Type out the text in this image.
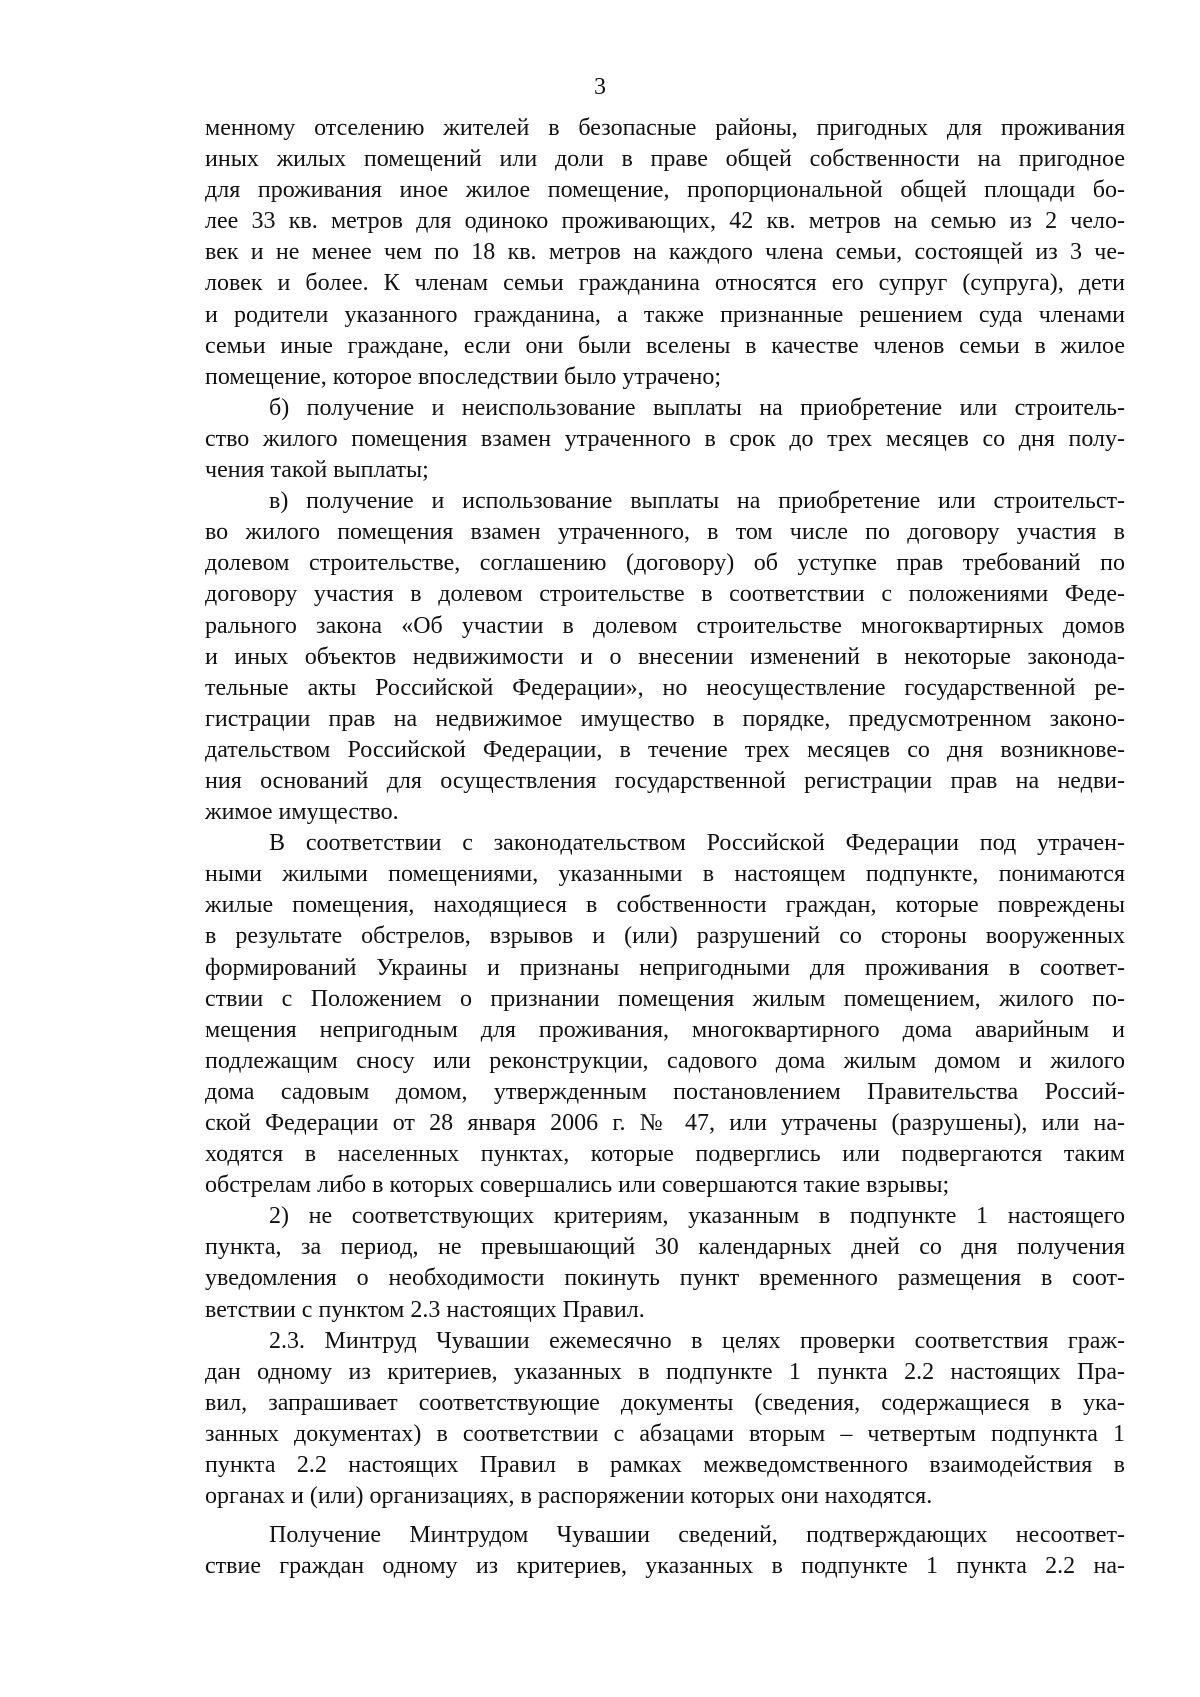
3
менному отселению жителей в безопасные районы, пригодных для проживания
иных жилых помещений или доли в праве общей собственности на пригодное
для проживания иное жилое помещение, пропорциональной общей площади бо-
лее 33 кв. метров для одиноко проживающих, 42 кв. метров на семью из 2 чело-
век и не менее чем по 18 кв. метров на каждого члена семьи, состоящей из 3 че-
ловек и более. К членам семьи гражданина относятся его супруг (супруга), дети
и родители указанного гражданина, а также признанные решением суда членами
семьи иные граждане, если они были вселены в качестве членов семьи в жилое
помещение, которое впоследствии было утрачено;
б) получение и неиспользование выплаты на приобретение или строитель-
ство жилого помещения взамен утраченного в срок до трех месяцев со дня полу-
чения такой выплаты;
в) получение и использование выплаты на приобретение или строительст-
во жилого помещения взамен утраченного, в том числе по договору участия в
долевом строительстве, соглашению (договору) об уступке прав требований по
договору участия в долевом строительстве в соответствии с положениями Феде-
рального закона «Об участии в долевом строительстве многоквартирных домов
и иных объектов недвижимости и о внесении изменений в некоторые законода-
тельные акты Российской Федерации», но неосуществление государственной ре-
гистрации прав на недвижимое имущество в порядке, предусмотренном законо-
дательством Российской Федерации, в течение трех месяцев со дня возникнове-
ния оснований для осуществления государственной регистрации прав на недви-
жимое имущество.
В соответствии с законодательством Российской Федерации под утрачен-
ными жилыми помещениями, указанными в настоящем подпункте, понимаются
жилые помещения, находящиеся в собственности граждан, которые повреждены
в результате обстрелов, взрывов и (или) разрушений со стороны вооруженных
формирований Украины и признаны непригодными для проживания в соответ-
ствии с Положением о признании помещения жилым помещением, жилого по-
мещения непригодным для проживания, многоквартирного дома аварийным и
подлежащим сносу или реконструкции, садового дома жилым домом и жилого
дома садовым домом, утвержденным постановлением Правительства Россий-
ской Федерации от 28 января 2006 г. № 47, или утрачены (разрушены), или на-
ходятся в населенных пунктах, которые подверглись или подвергаются таким
обстрелам либо в которых совершались или совершаются такие взрывы;
2) не соответствующих критериям, указанным в подпункте 1 настоящего
пункта, за период, не превышающий 30 календарных дней со дня получения
уведомления о необходимости покинуть пункт временного размещения в соот-
ветствии с пунктом 2.3 настоящих Правил.
2.3. Минтруд Чувашии ежемесячно в целях проверки соответствия граж-
дан одному из критериев, указанных в подпункте 1 пункта 2.2 настоящих Пра-
вил, запрашивает соответствующие документы (сведения, содержащиеся в ука-
занных документах) в соответствии с абзацами вторым – четвертым подпункта 1
пункта 2.2 настоящих Правил в рамках межведомственного взаимодействия в
органах и (или) организациях, в распоряжении которых они находятся.
Получение Минтрудом Чувашии сведений, подтверждающих несоответ-
ствие граждан одному из критериев, указанных в подпункте 1 пункта 2.2 на-
